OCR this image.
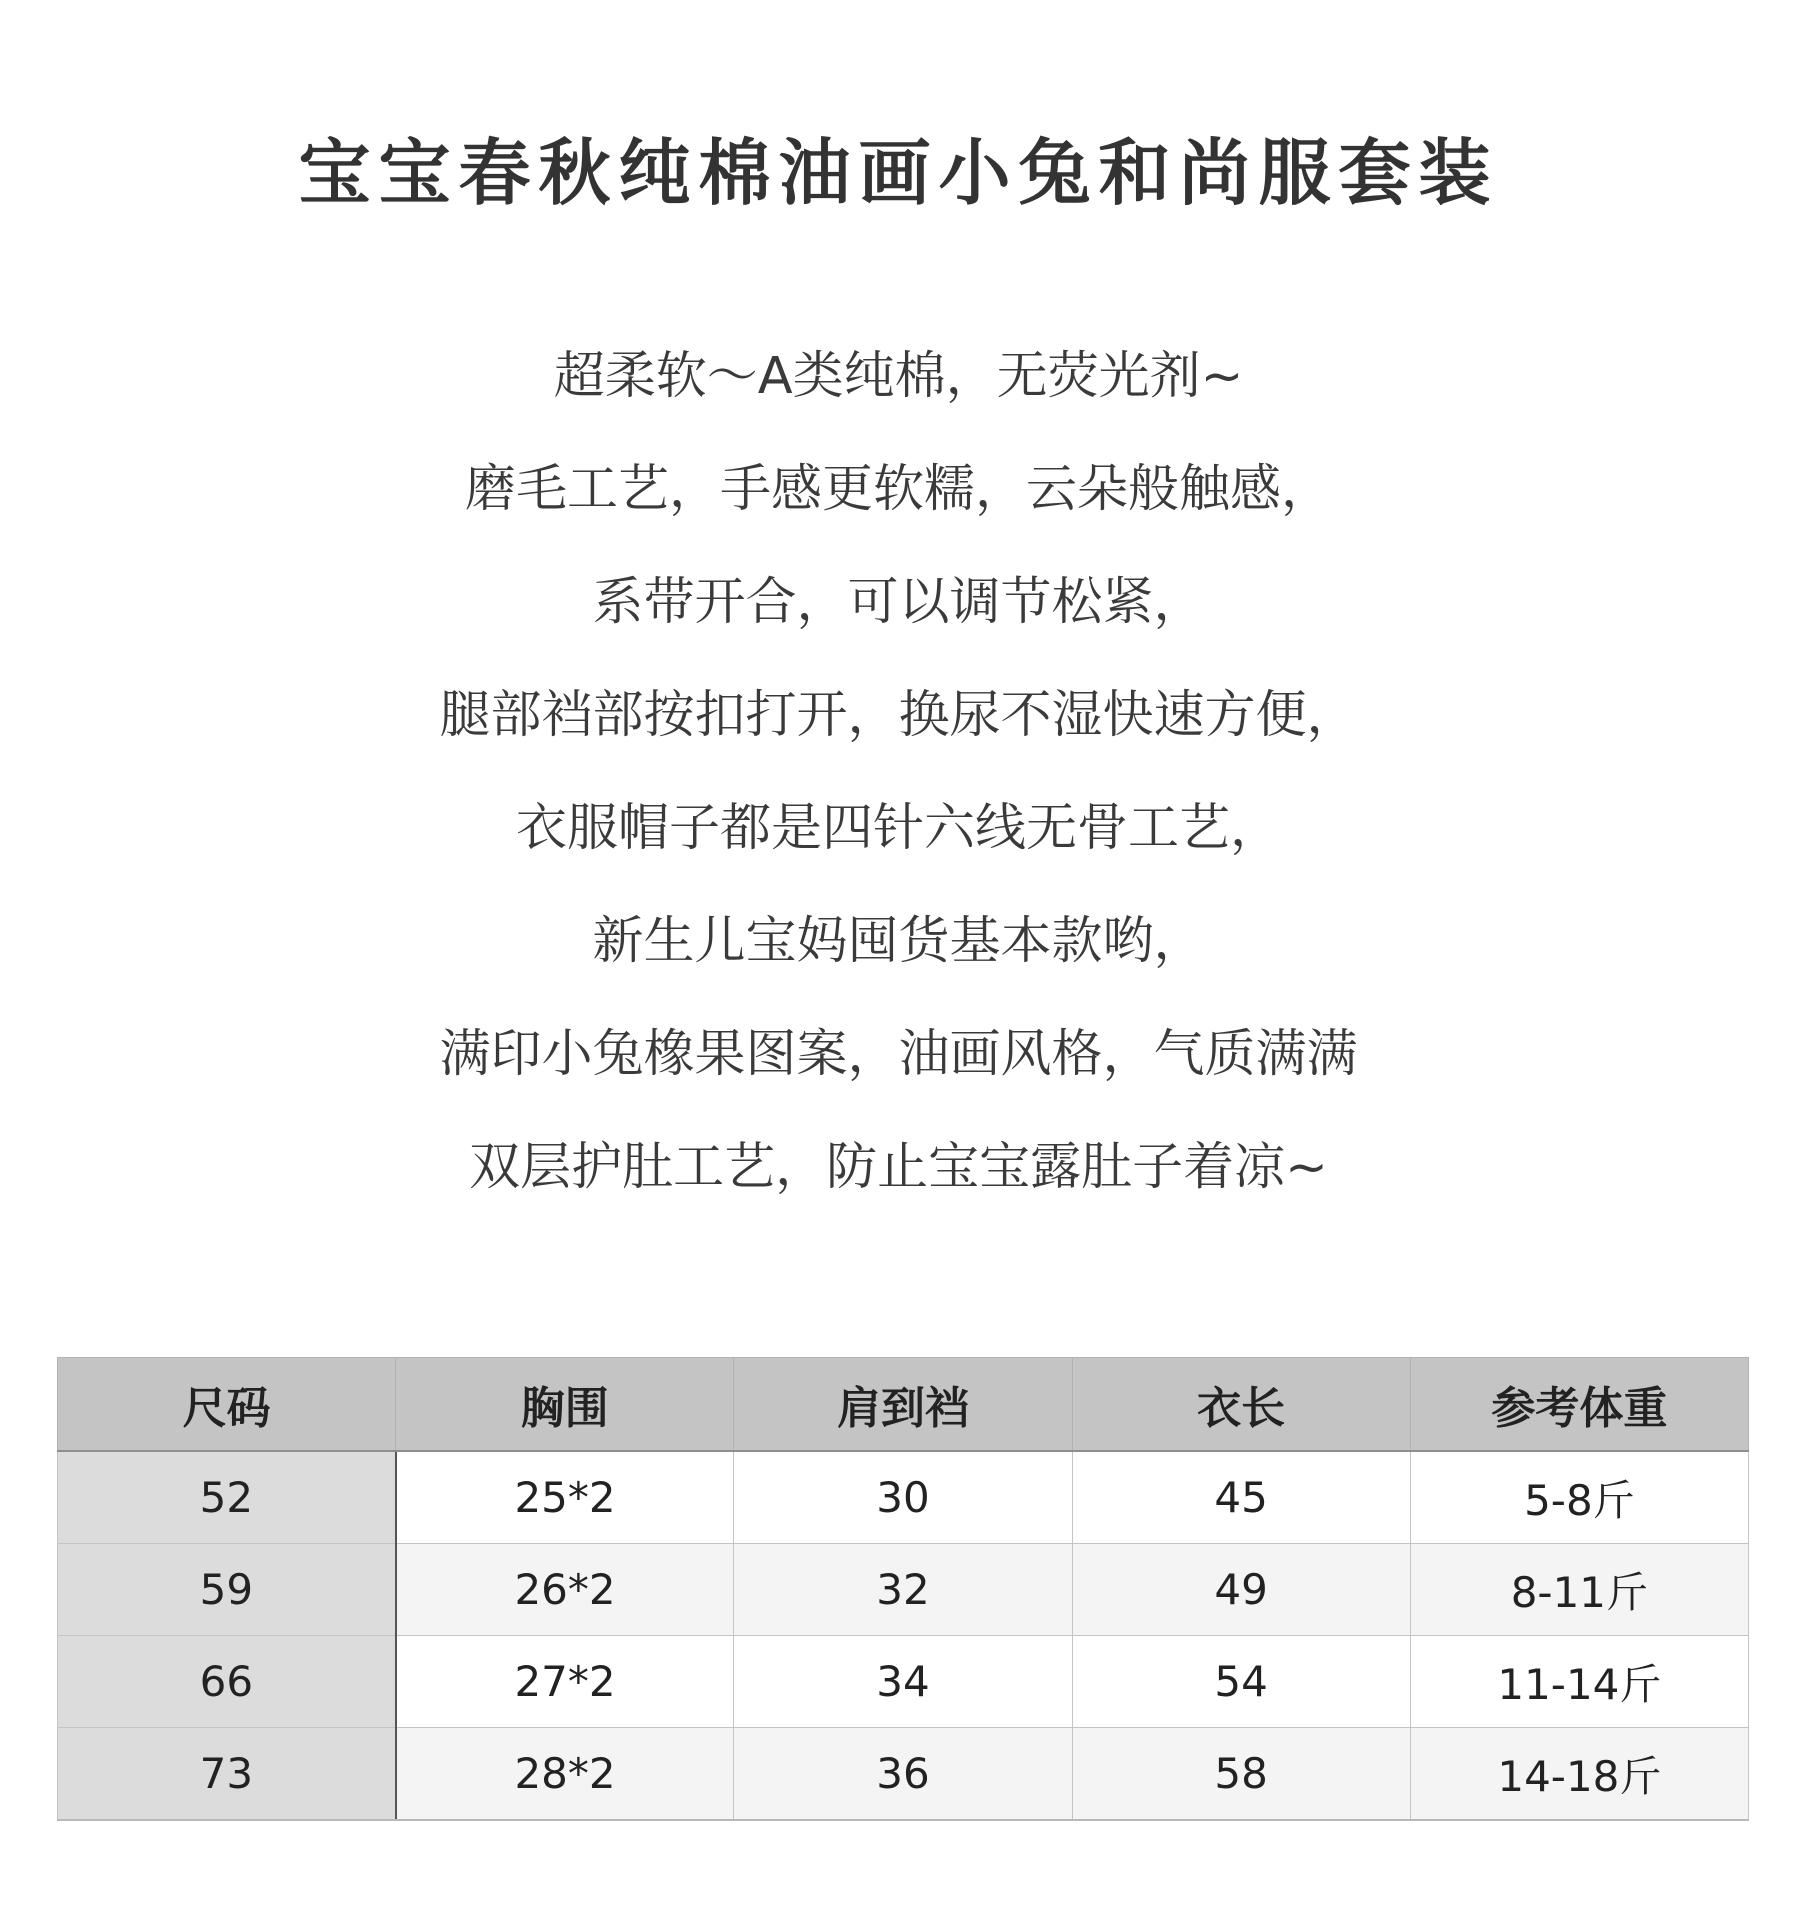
宝宝春秋纯棉油画小兔和尚服套装
超柔软～A类纯棉，无荧光剂~
磨毛工艺，手感更软糯，云朵般触感，
系带开合，可以调节松紧，
腿部裆部按扣打开，换尿不湿快速方便，
衣服帽子都是四针六线无骨工艺，
新生儿宝妈囤货基本款哟，
满印小兔橡果图案，油画风格，气质满满
双层护肚工艺，防止宝宝露肚子着凉~
尺码	胸围	肩到裆	衣长	参考体重
52	25*2	30	45	5-8斤
59	26*2	32	49	8-11斤
66	27*2	34	54	11-14斤
73	28*2	36	58	14-18斤
